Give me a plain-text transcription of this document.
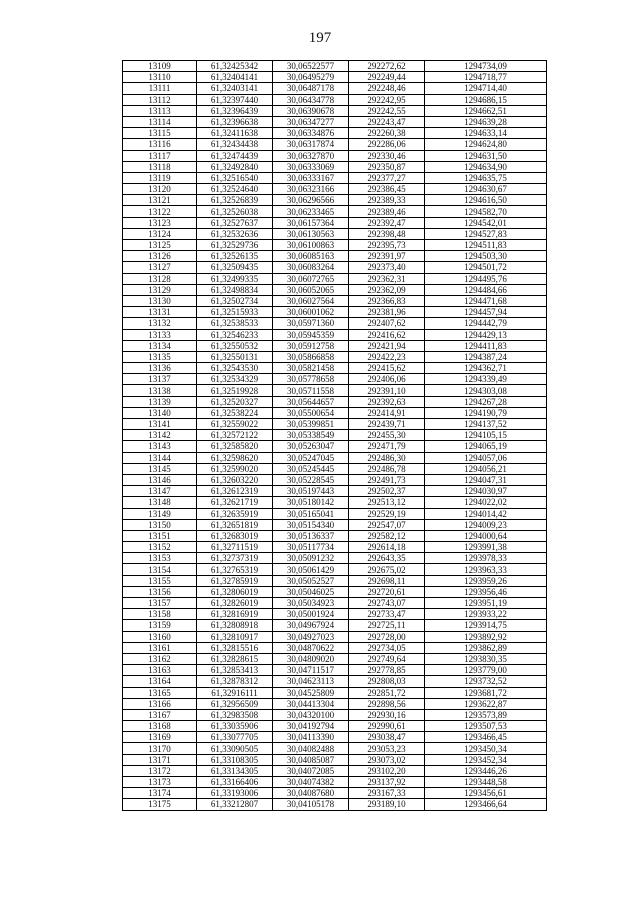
197
13109	61,32425342	30,06522577	292272,62	1294734,09
13110	61,32404141	30,06495279	292249,44	1294718,77
13111	61,32403141	30,06487178	292248,46	1294714,40
13112	61,32397440	30,06434778	292242,95	1294686,15
13113	61,32396439	30,06390678	292242,55	1294662,51
13114	61,32396638	30,06347277	292243,47	1294639,28
13115	61,32411638	30,06334876	292260,38	1294633,14
13116	61,32434438	30,06317874	292286,06	1294624,80
13117	61,32474439	30,06327870	292330,46	1294631,50
13118	61,32492840	30,06333069	292350,87	1294634,90
13119	61,32516540	30,06333167	292377,27	1294635,75
13120	61,32524640	30,06323166	292386,45	1294630,67
13121	61,32526839	30,06296566	292389,33	1294616,50
13122	61,32526038	30,06233465	292389,46	1294582,70
13123	61,32527637	30,06157364	292392,47	1294542,01
13124	61,32532636	30,06130563	292398,48	1294527,83
13125	61,32529736	30,06100863	292395,73	1294511,83
13126	61,32526135	30,06085163	292391,97	1294503,30
13127	61,32509435	30,06083264	292373,40	1294501,72
13128	61,32499335	30,06072765	292362,31	1294495,76
13129	61,32498834	30,06052065	292362,09	1294484,66
13130	61,32502734	30,06027564	292366,83	1294471,68
13131	61,32515933	30,06001062	292381,96	1294457,94
13132	61,32538533	30,05971360	292407,62	1294442,79
13133	61,32546233	30,05945359	292416,62	1294429,13
13134	61,32550532	30,05912758	292421,94	1294411,83
13135	61,32550131	30,05866858	292422,23	1294387,24
13136	61,32543530	30,05821458	292415,62	1294362,71
13137	61,32534329	30,05778658	292406,06	1294339,49
13138	61,32519928	30,05711558	292391,10	1294303,08
13139	61,32520327	30,05644657	292392,63	1294267,28
13140	61,32538224	30,05500654	292414,91	1294190,79
13141	61,32559022	30,05399851	292439,71	1294137,52
13142	61,32572122	30,05338549	292455,30	1294105,15
13143	61,32585820	30,05263047	292471,79	1294065,19
13144	61,32598620	30,05247045	292486,30	1294057,06
13145	61,32599020	30,05245445	292486,78	1294056,21
13146	61,32603220	30,05228545	292491,73	1294047,31
13147	61,32612319	30,05197443	292502,37	1294030,97
13148	61,32621719	30,05180142	292513,12	1294022,02
13149	61,32635919	30,05165041	292529,19	1294014,42
13150	61,32651819	30,05154340	292547,07	1294009,23
13151	61,32683019	30,05136337	292582,12	1294000,64
13152	61,32711519	30,05117734	292614,18	1293991,38
13153	61,32737319	30,05091232	292643,35	1293978,33
13154	61,32765319	30,05061429	292675,02	1293963,33
13155	61,32785919	30,05052527	292698,11	1293959,26
13156	61,32806019	30,05046025	292720,61	1293956,46
13157	61,32826019	30,05034923	292743,07	1293951,19
13158	61,32816919	30,05001924	292733,47	1293933,22
13159	61,32808918	30,04967924	292725,11	1293914,75
13160	61,32810917	30,04927023	292728,00	1293892,92
13161	61,32815516	30,04870622	292734,05	1293862,89
13162	61,32828615	30,04809020	292749,64	1293830,35
13163	61,32853413	30,04711517	292778,85	1293779,00
13164	61,32878312	30,04623113	292808,03	1293732,52
13165	61,32916111	30,04525809	292851,72	1293681,72
13166	61,32956509	30,04413304	292898,56	1293622,87
13167	61,32983508	30,04320100	292930,16	1293573,89
13168	61,33035906	30,04192794	292990,61	1293507,53
13169	61,33077705	30,04113390	293038,47	1293466,45
13170	61,33090505	30,04082488	293053,23	1293450,34
13171	61,33108305	30,04085087	293073,02	1293452,34
13172	61,33134305	30,04072085	293102,20	1293446,26
13173	61,33166406	30,04074382	293137,92	1293448,58
13174	61,33193006	30,04087680	293167,33	1293456,61
13175	61,33212807	30,04105178	293189,10	1293466,64
